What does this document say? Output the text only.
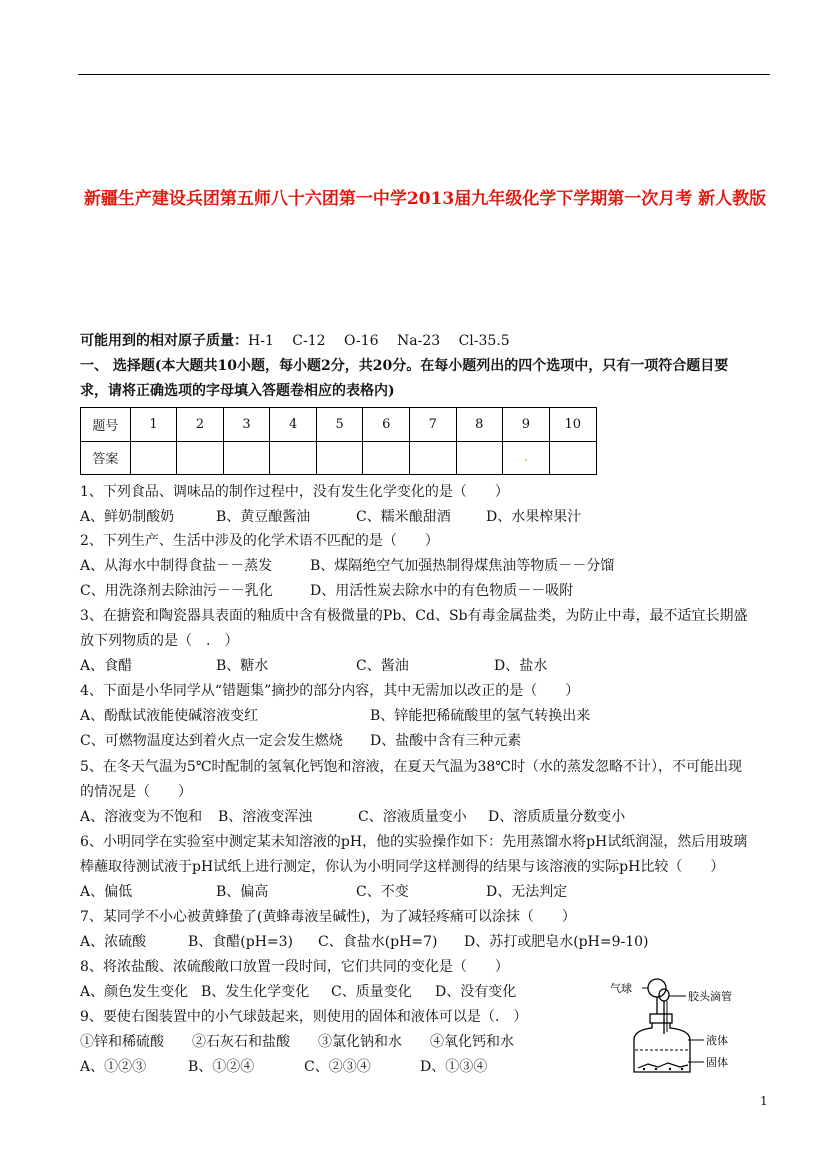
新疆生产建设兵团第五师八十六团第一中学2013届九年级化学下学期第一次月考 新人教版
可能用到的相对原子质量：H-1　 C-12　 O-16　 Na-23　 Cl-35.5
一、 选择题(本大题共10小题，每小题2分，共20分。在每小题列出的四个选项中，只有一项符合题目要
求，请将正确选项的字母填入答题卷相应的表格内)
题号	1	2	3	4	5	6	7	8	9	10
答案									.	
1、下列食品、调味品的制作过程中，没有发生化学变化的是（　　）
A、鲜奶制酸奶	B、黄豆酿酱油	C、糯米酿甜酒	D、水果榨果汁
2、下列生产、生活中涉及的化学术语不匹配的是（　　）
A、从海水中制得食盐－－蒸发	B、煤隔绝空气加强热制得煤焦油等物质－－分馏
C、用洗涤剂去除油污－－乳化	D、用活性炭去除水中的有色物质－－吸附
3、在搪瓷和陶瓷器具表面的釉质中含有极微量的Pb、Cd、Sb有毒金属盐类，为防止中毒，最不适宜长期盛
放下列物质的是（　.　）
A、食醋	B、糖水	C、酱油	D、盐水
4、下面是小华同学从“错题集”摘抄的部分内容，其中无需加以改正的是（　　）
A、酚酞试液能使碱溶液变红	B、锌能把稀硫酸里的氢气转换出来
C、可燃物温度达到着火点一定会发生燃烧 D、盐酸中含有三种元素
5、在冬天气温为5℃时配制的氢氧化钙饱和溶液，在夏天气温为38℃时（水的蒸发忽略不计），不可能出现
的情况是（　　）
A、溶液变为不饱和 B、溶液变浑浊	C、溶液质量变小 D、溶质质量分数变小
6、小明同学在实验室中测定某未知溶液的pH，他的实验操作如下：先用蒸馏水将pH试纸润湿，然后用玻璃
棒蘸取待测试液于pH试纸上进行测定，你认为小明同学这样测得的结果与该溶液的实际pH比较（　　）
A、偏低	B、偏高	C、不变	D、无法判定
7、某同学不小心被黄蜂蛰了(黄蜂毒液呈碱性)，为了减轻疼痛可以涂抹（　　）
A、浓硫酸	B、食醋(pH=3) C、食盐水(pH=7) D、苏打或肥皂水(pH=9-10)
8、将浓盐酸、浓硫酸敞口放置一段时间，它们共同的变化是（　　）
A、颜色发生变化 B、发生化学变化 C、质量变化 D、没有变化
9、要使右图装置中的小气球鼓起来，则使用的固体和液体可以是（.　）
①锌和稀硫酸　　②石灰石和盐酸　　③氯化钠和水　　④氧化钙和水
A、①②③	B、①②④	C、②③④	D、①③④
气球
胶头滴管
液体
固体
1
